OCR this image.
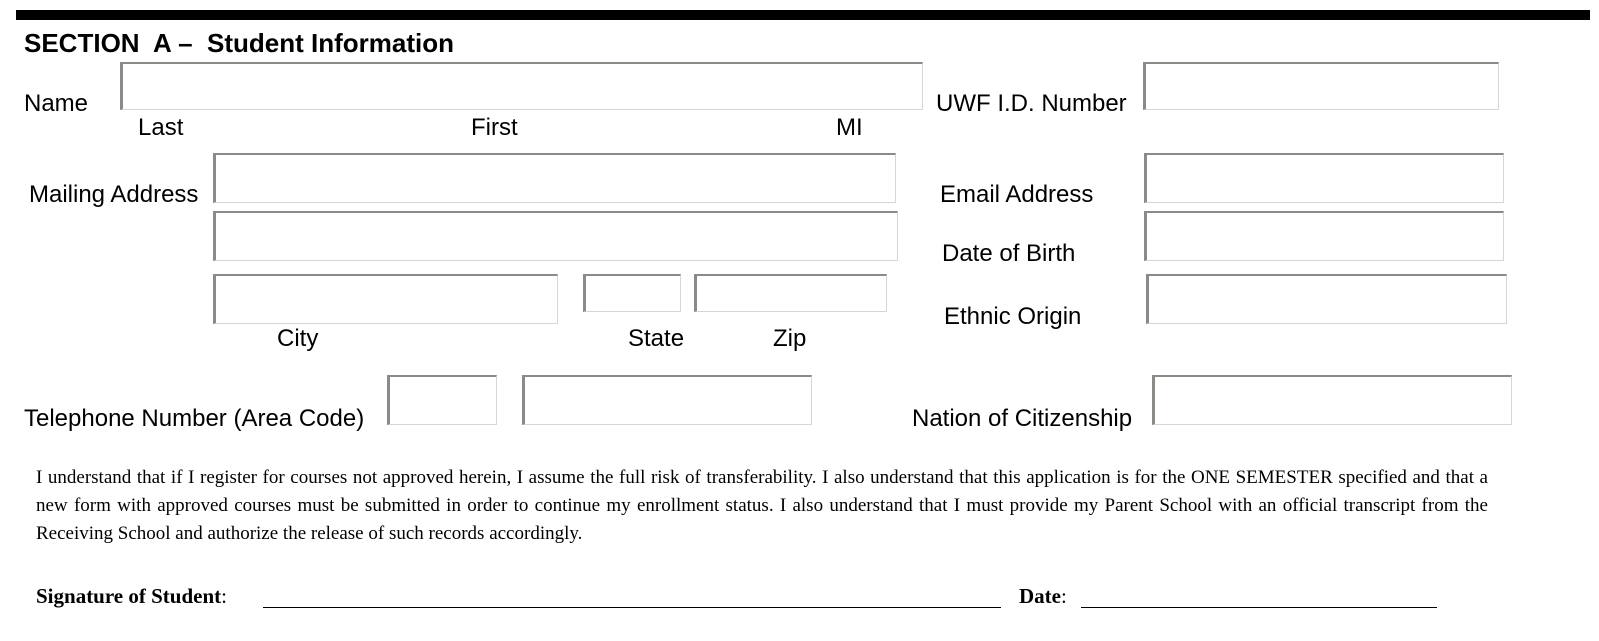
SECTION  A –  Student Information
Name
Last	First	MI
UWF I.D. Number
Mailing Address
City	State	Zip
Email Address
Date of Birth
Ethnic Origin
Telephone Number (Area Code)	Nation of Citizenship
I understand that if I register for courses not approved herein, I assume the full risk of transferability. I also understand that this application is for the ONE SEMESTER specified and that a new form with approved courses must be submitted in order to continue my enrollment status. I also understand that I must provide my Parent School with an official transcript from the Receiving School and authorize the release of such records accordingly.
Signature of Student:	Date:
